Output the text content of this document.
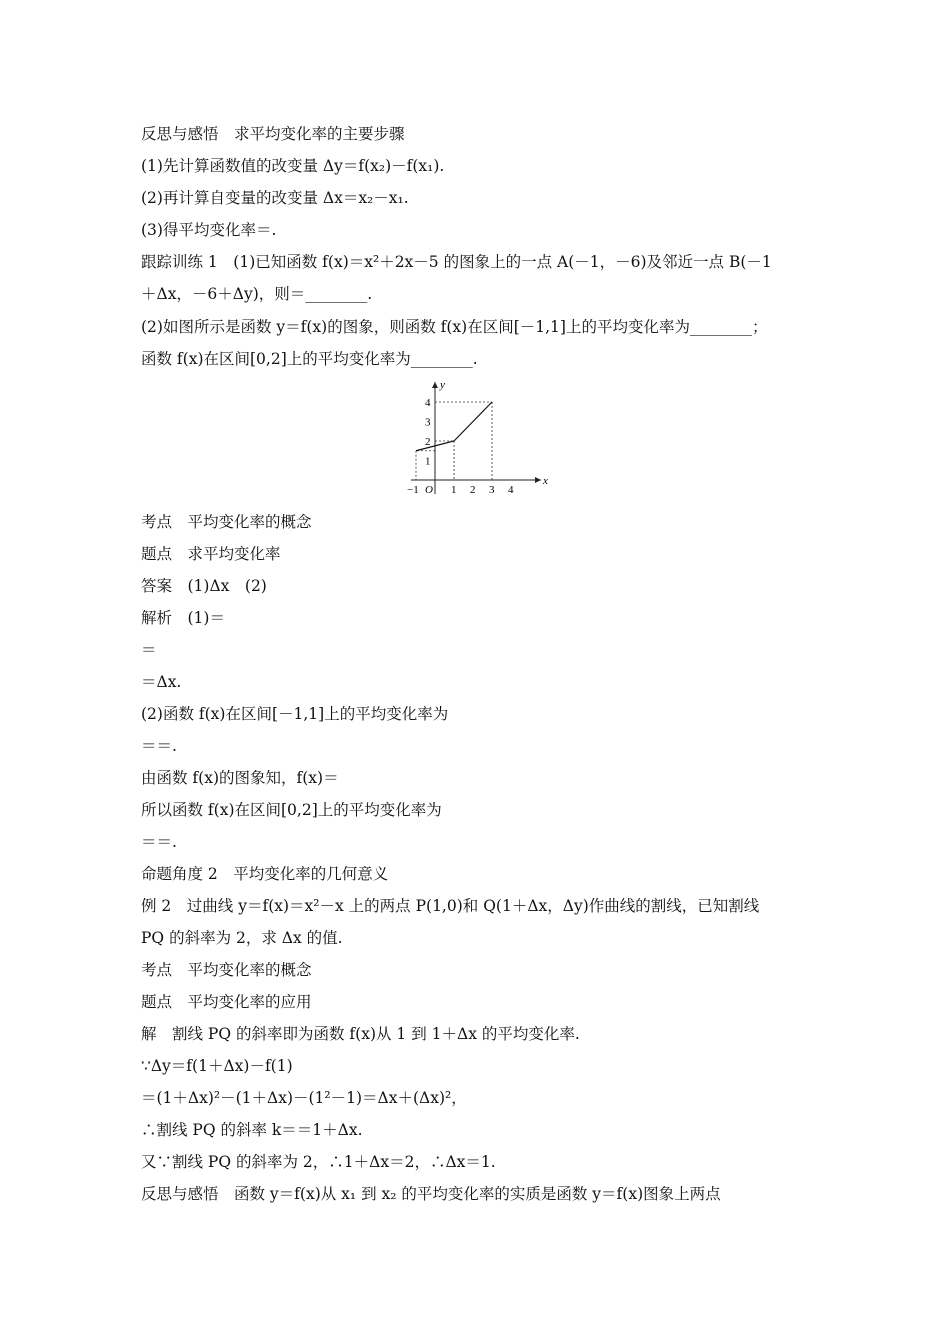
反思与感悟　求平均变化率的主要步骤
(1)先计算函数值的改变量 Δy＝f(x₂)－f(x₁).
(2)再计算自变量的改变量 Δx＝x₂－x₁.
(3)得平均变化率＝.
跟踪训练 1　(1)已知函数 f(x)＝x²＋2x－5 的图象上的一点 A(－1，－6)及邻近一点 B(－1
＋Δx，－6＋Δy)，则＝________.
(2)如图所示是函数 y＝f(x)的图象，则函数 f(x)在区间[－1,1]上的平均变化率为________；
函数 f(x)在区间[0,2]上的平均变化率为________.
x
y
O
−1	1 2 3 4
1
2
3
4
考点　平均变化率的概念
题点　求平均变化率
答案　(1)Δx　(2)
解析　(1)＝
＝
＝Δx.
(2)函数 f(x)在区间[－1,1]上的平均变化率为
＝＝.
由函数 f(x)的图象知，f(x)＝
所以函数 f(x)在区间[0,2]上的平均变化率为
＝＝.
命题角度 2　平均变化率的几何意义
例 2　过曲线 y＝f(x)＝x²－x 上的两点 P(1,0)和 Q(1＋Δx，Δy)作曲线的割线，已知割线
PQ 的斜率为 2，求 Δx 的值.
考点　平均变化率的概念
题点　平均变化率的应用
解　割线 PQ 的斜率即为函数 f(x)从 1 到 1＋Δx 的平均变化率.
∵Δy＝f(1＋Δx)－f(1)
＝(1＋Δx)²－(1＋Δx)－(1²－1)＝Δx＋(Δx)²，
∴割线 PQ 的斜率 k＝＝1＋Δx.
又∵割线 PQ 的斜率为 2，∴1＋Δx＝2，∴Δx＝1.
反思与感悟　函数 y＝f(x)从 x₁ 到 x₂ 的平均变化率的实质是函数 y＝f(x)图象上两点
